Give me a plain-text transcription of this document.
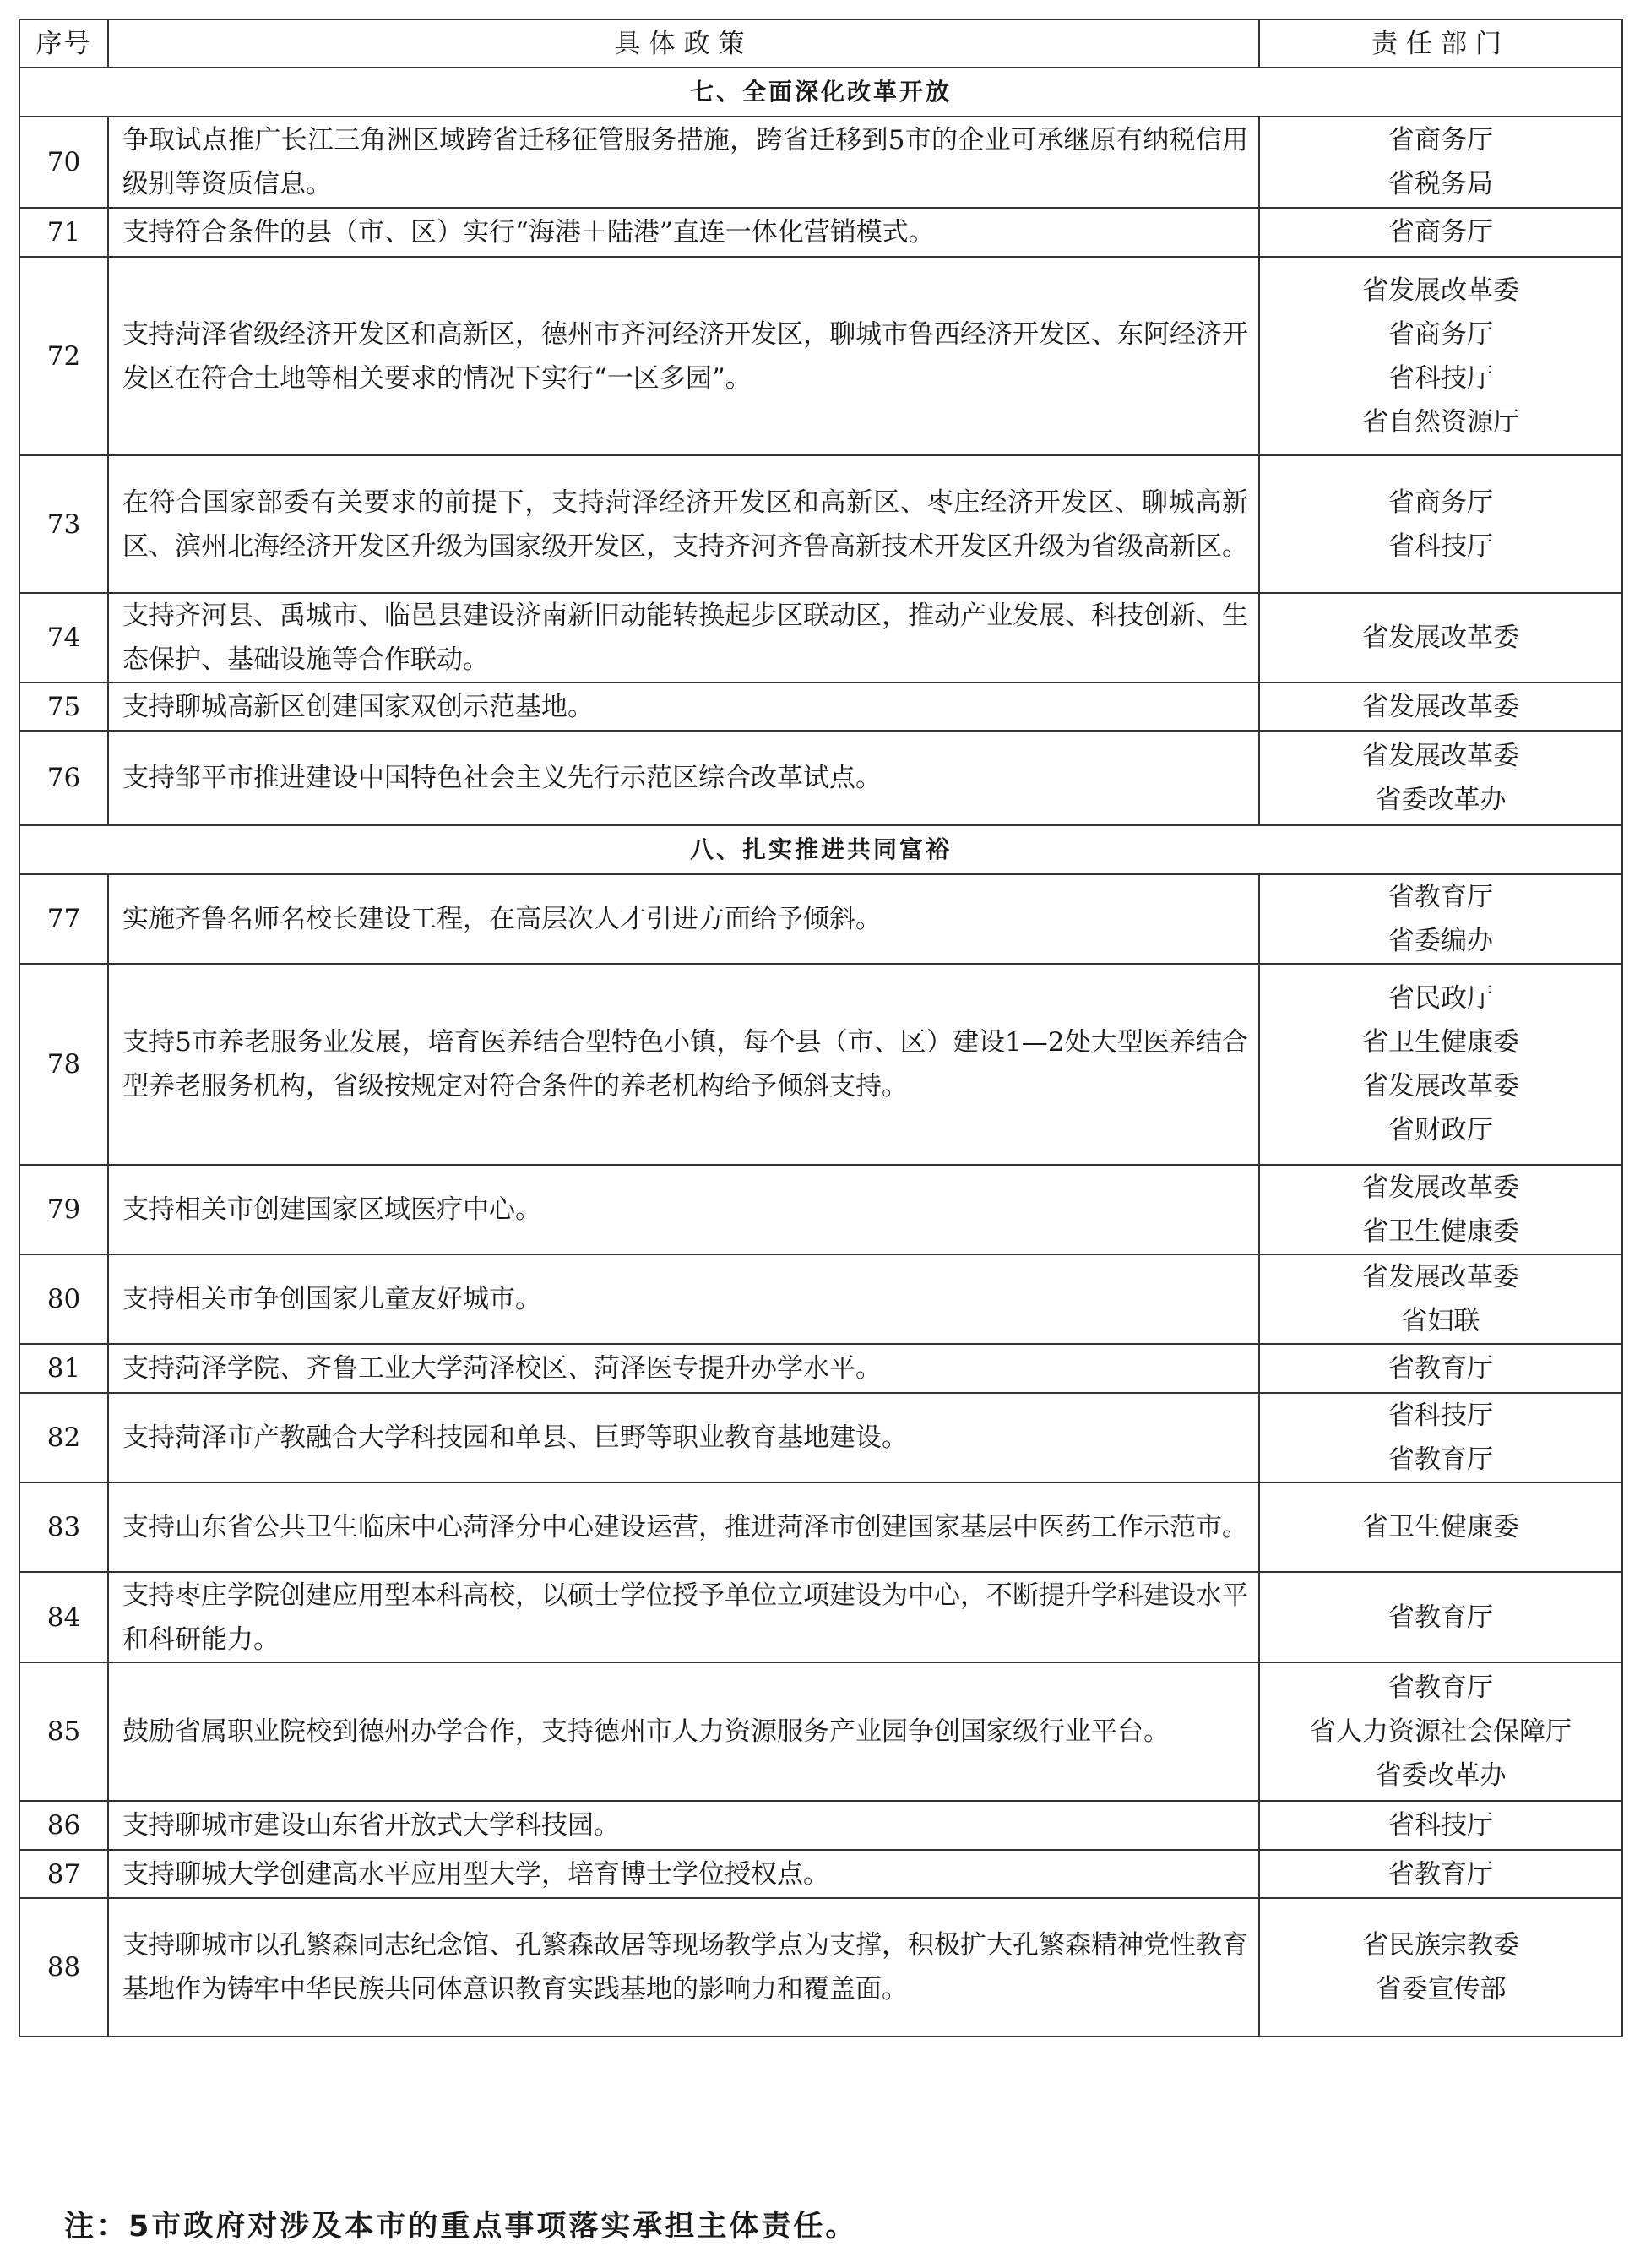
序号	具体政策	责任部门
七、全面深化改革开放		
70	争取试点推广长江三角洲区域跨省迁移征管服务措施，跨省迁移到5市的企业可承继原有纳税信用级别等资质信息。	省商务厅
省税务局

71	支持符合条件的县（市、区）实行“海港＋陆港”直连一体化营销模式。	省商务厅

72	支持菏泽省级经济开发区和高新区，德州市齐河经济开发区，聊城市鲁西经济开发区、东阿经济开发区在符合土地等相关要求的情况下实行“一区多园”。	省发展改革委
省商务厅
省科技厅
省自然资源厅

73	在符合国家部委有关要求的前提下，支持菏泽经济开发区和高新区、枣庄经济开发区、聊城高新区、滨州北海经济开发区升级为国家级开发区，支持齐河齐鲁高新技术开发区升级为省级高新区。	省商务厅
省科技厅

74	支持齐河县、禹城市、临邑县建设济南新旧动能转换起步区联动区，推动产业发展、科技创新、生态保护、基础设施等合作联动。	省发展改革委

75	支持聊城高新区创建国家双创示范基地。	省发展改革委

76	支持邹平市推进建设中国特色社会主义先行示范区综合改革试点。	省发展改革委
省委改革办

八、扎实推进共同富裕		
77	实施齐鲁名师名校长建设工程，在高层次人才引进方面给予倾斜。	省教育厅
省委编办

78	支持5市养老服务业发展，培育医养结合型特色小镇，每个县（市、区）建设1—2处大型医养结合型养老服务机构，省级按规定对符合条件的养老机构给予倾斜支持。	省民政厅
省卫生健康委
省发展改革委
省财政厅

79	支持相关市创建国家区域医疗中心。	省发展改革委
省卫生健康委

80	支持相关市争创国家儿童友好城市。	省发展改革委
省妇联

81	支持菏泽学院、齐鲁工业大学菏泽校区、菏泽医专提升办学水平。	省教育厅

82	支持菏泽市产教融合大学科技园和单县、巨野等职业教育基地建设。	省科技厅
省教育厅

83	支持山东省公共卫生临床中心菏泽分中心建设运营，推进菏泽市创建国家基层中医药工作示范市。	省卫生健康委

84	支持枣庄学院创建应用型本科高校，以硕士学位授予单位立项建设为中心，不断提升学科建设水平和科研能力。	省教育厅

85	鼓励省属职业院校到德州办学合作，支持德州市人力资源服务产业园争创国家级行业平台。	省教育厅
省人力资源社会保障厅
省委改革办

86	支持聊城市建设山东省开放式大学科技园。	省科技厅

87	支持聊城大学创建高水平应用型大学，培育博士学位授权点。	省教育厅

88	支持聊城市以孔繁森同志纪念馆、孔繁森故居等现场教学点为支撑，积极扩大孔繁森精神党性教育基地作为铸牢中华民族共同体意识教育实践基地的影响力和覆盖面。	省民族宗教委
省委宣传部
注：5市政府对涉及本市的重点事项落实承担主体责任。
